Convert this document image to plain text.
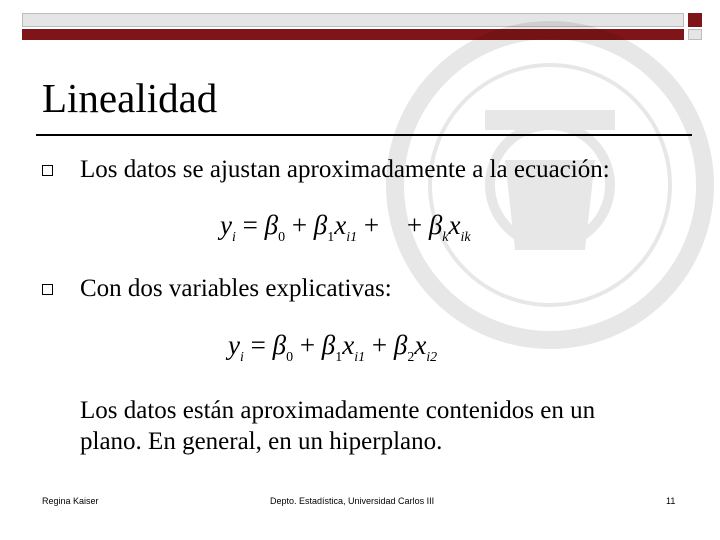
Linealidad
Los datos se ajustan aproximadamente a la ecuación:
$y_i = \beta_0 + \beta_1x_{i1}$ +􏰀 + $\beta_kx_{ik}$
Con dos variables explicativas:
$y_i = \beta_0 + \beta_1x_{i1} + \beta_2x_{i2}$
Los datos están aproximadamente contenidos en un
plano. En general, en un hiperplano.
Regina Kaiser	Depto. Estadística, Universidad Carlos III	11
